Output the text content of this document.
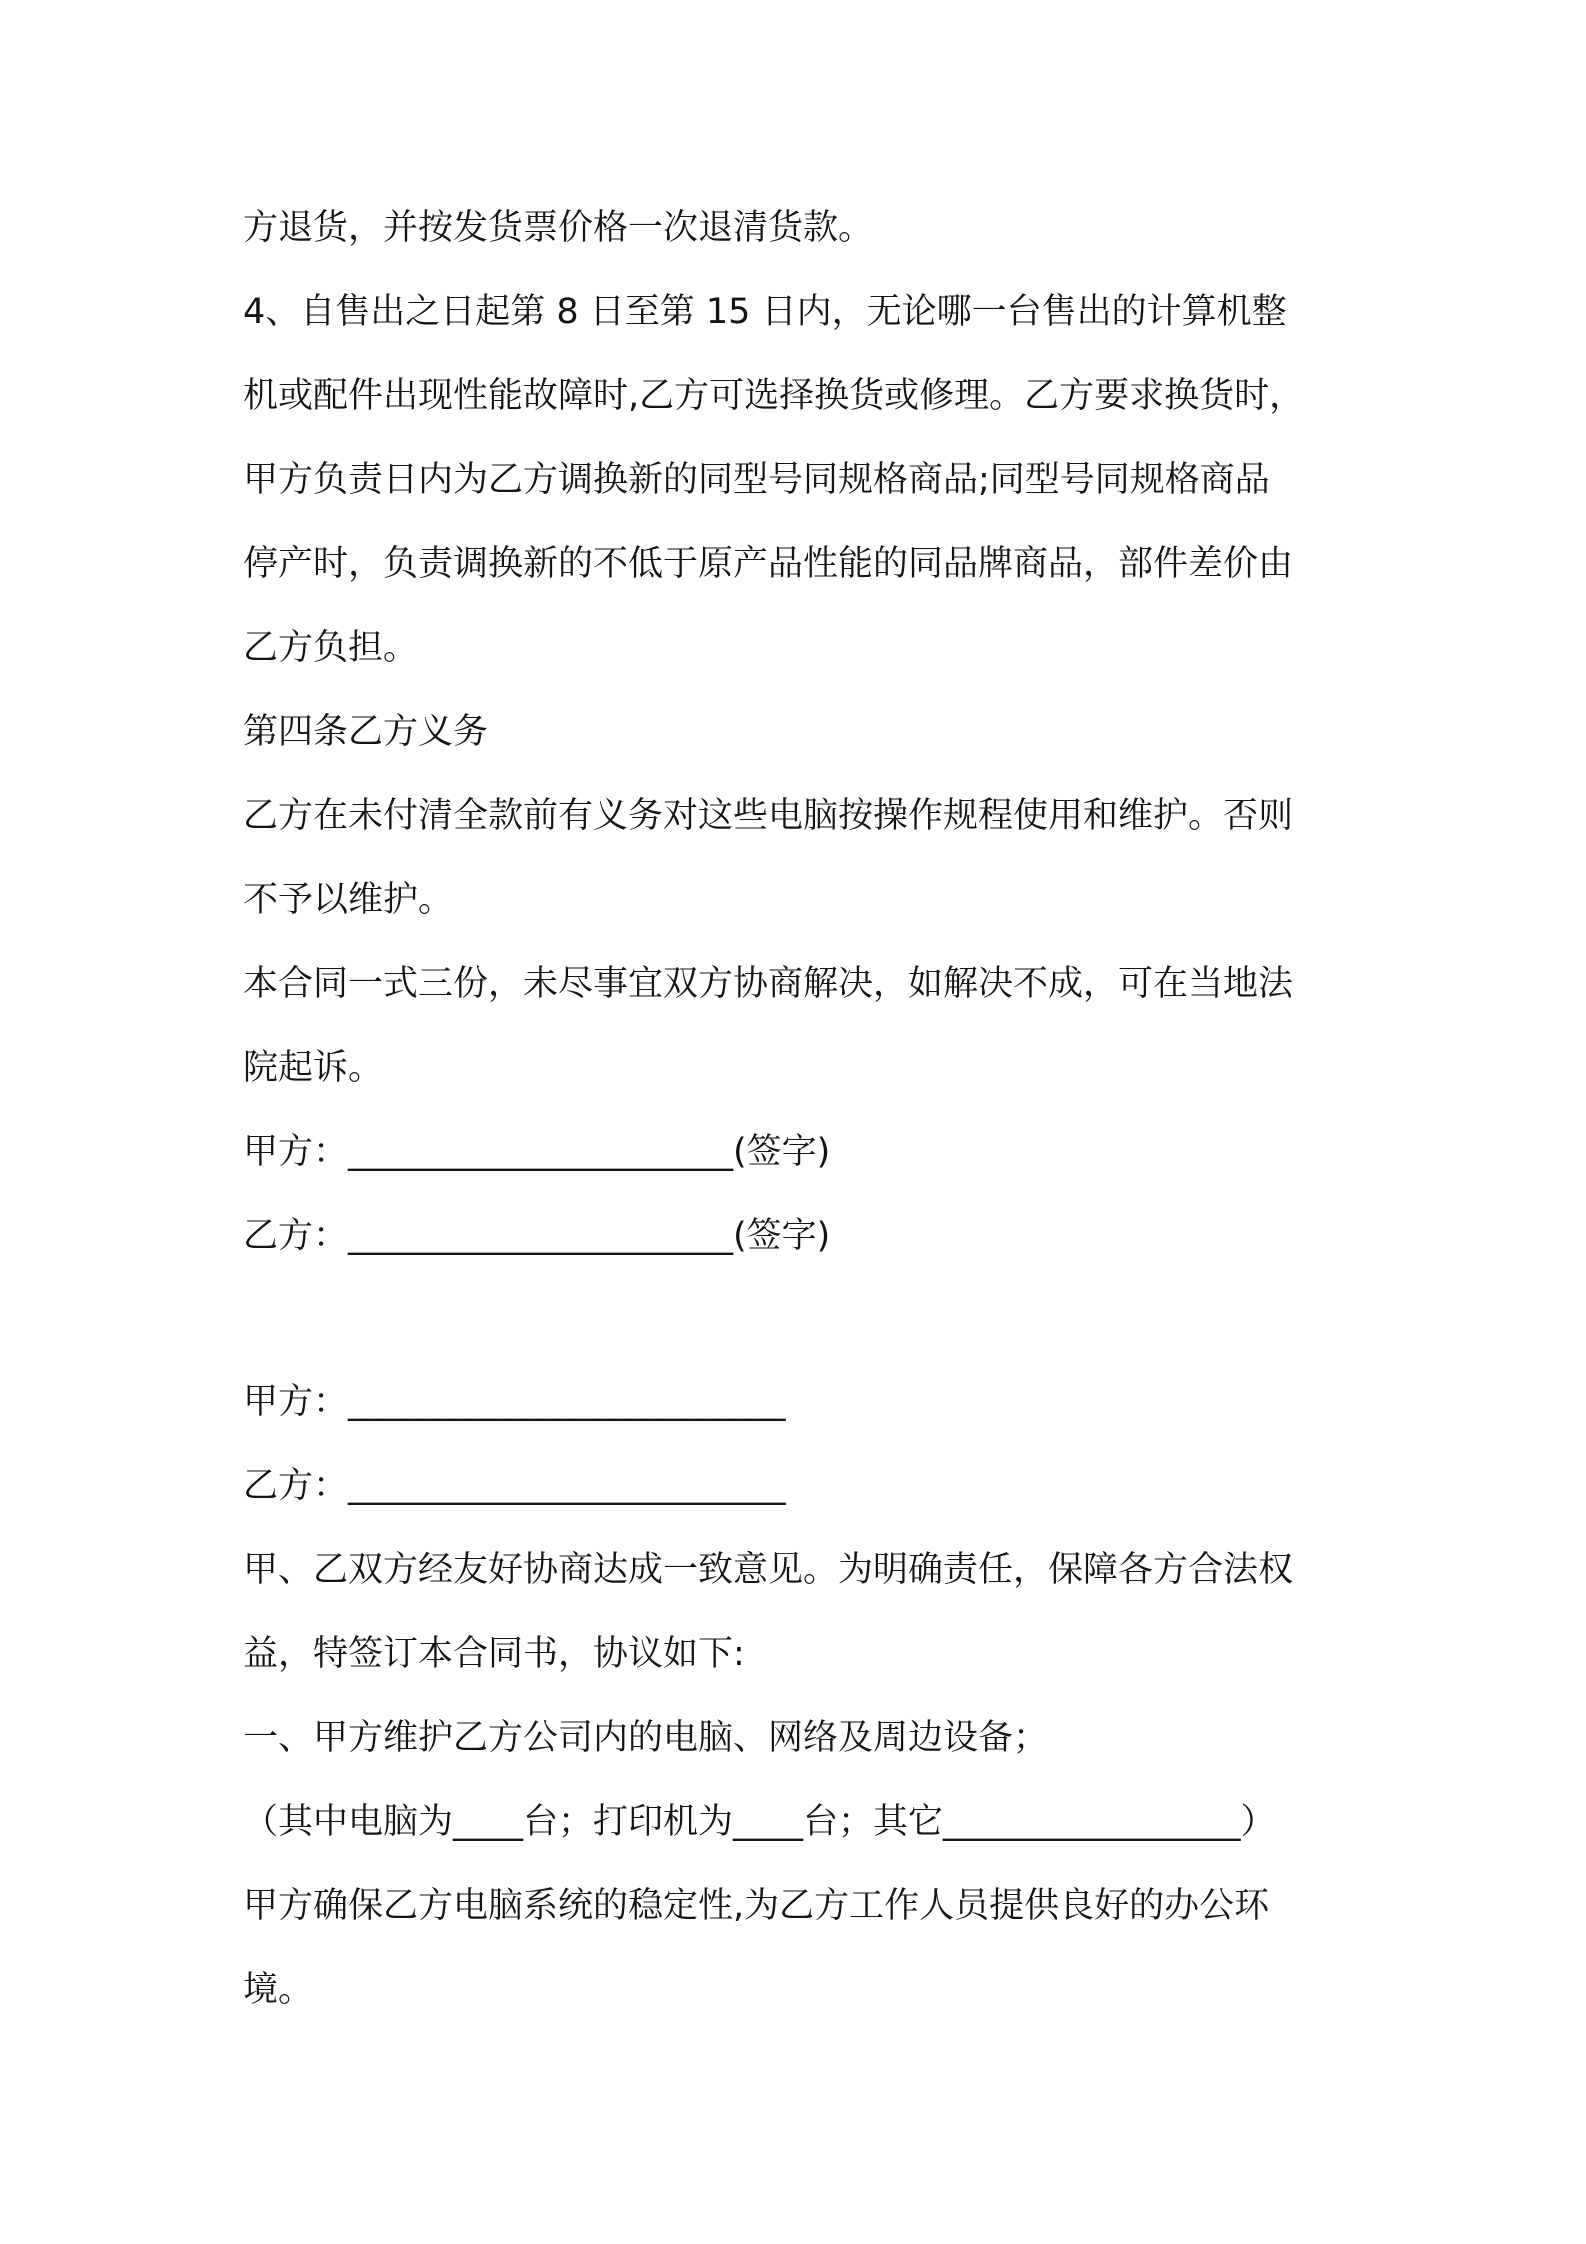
方退货，并按发货票价格一次退清货款。
4、自售出之日起第 8 日至第 15 日内，无论哪一台售出的计算机整
机或配件出现性能故障时,乙方可选择换货或修理。乙方要求换货时，
甲方负责日内为乙方调换新的同型号同规格商品;同型号同规格商品
停产时，负责调换新的不低于原产品性能的同品牌商品，部件差价由
乙方负担。
第四条乙方义务
乙方在未付清全款前有义务对这些电脑按操作规程使用和维护。否则
不予以维护。
本合同一式三份，未尽事宜双方协商解决，如解决不成，可在当地法
院起诉。
甲方：______________________(签字)
乙方：______________________(签字)
甲方：_________________________
乙方：_________________________
甲、乙双方经友好协商达成一致意见。为明确责任，保障各方合法权
益，特签订本合同书，协议如下:
一、甲方维护乙方公司内的电脑、网络及周边设备；
（其中电脑为____台；打印机为____台；其它_________________）
甲方确保乙方电脑系统的稳定性,为乙方工作人员提供良好的办公环
境。
